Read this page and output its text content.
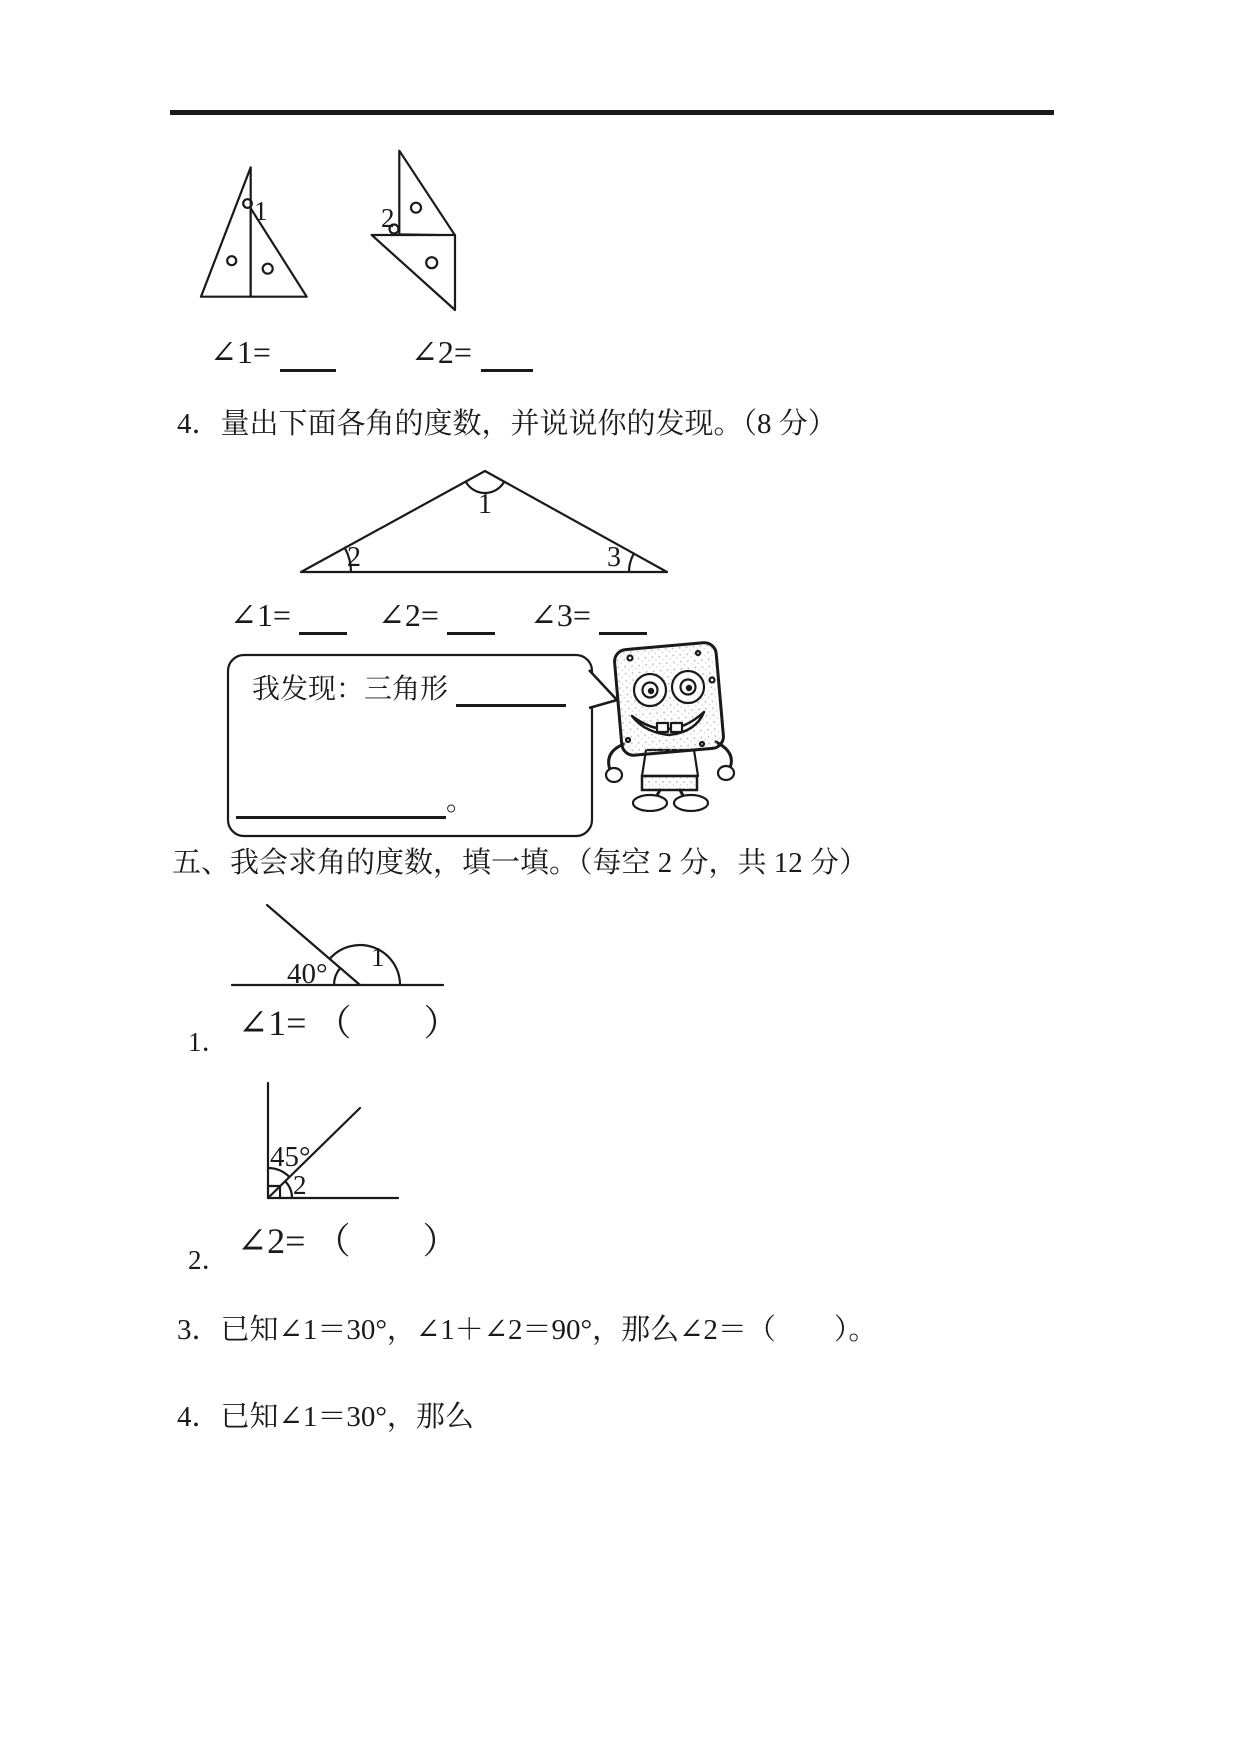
1	2
∠1=	∠2=
4．量出下面各角的度数，并说说你的发现。（8 分）
1
2	3
∠1=	∠2=	∠3=
我发现：三角形
。
五、我会求角的度数，填一填。（每空 2 分，共 12 分）
40°
1
1． ∠1= （　　）
45°
2
2． ∠2= （　　）
3．已知∠1＝30°，∠1＋∠2＝90°，那么∠2＝（　　）。
4．已知∠1＝30°，那么
